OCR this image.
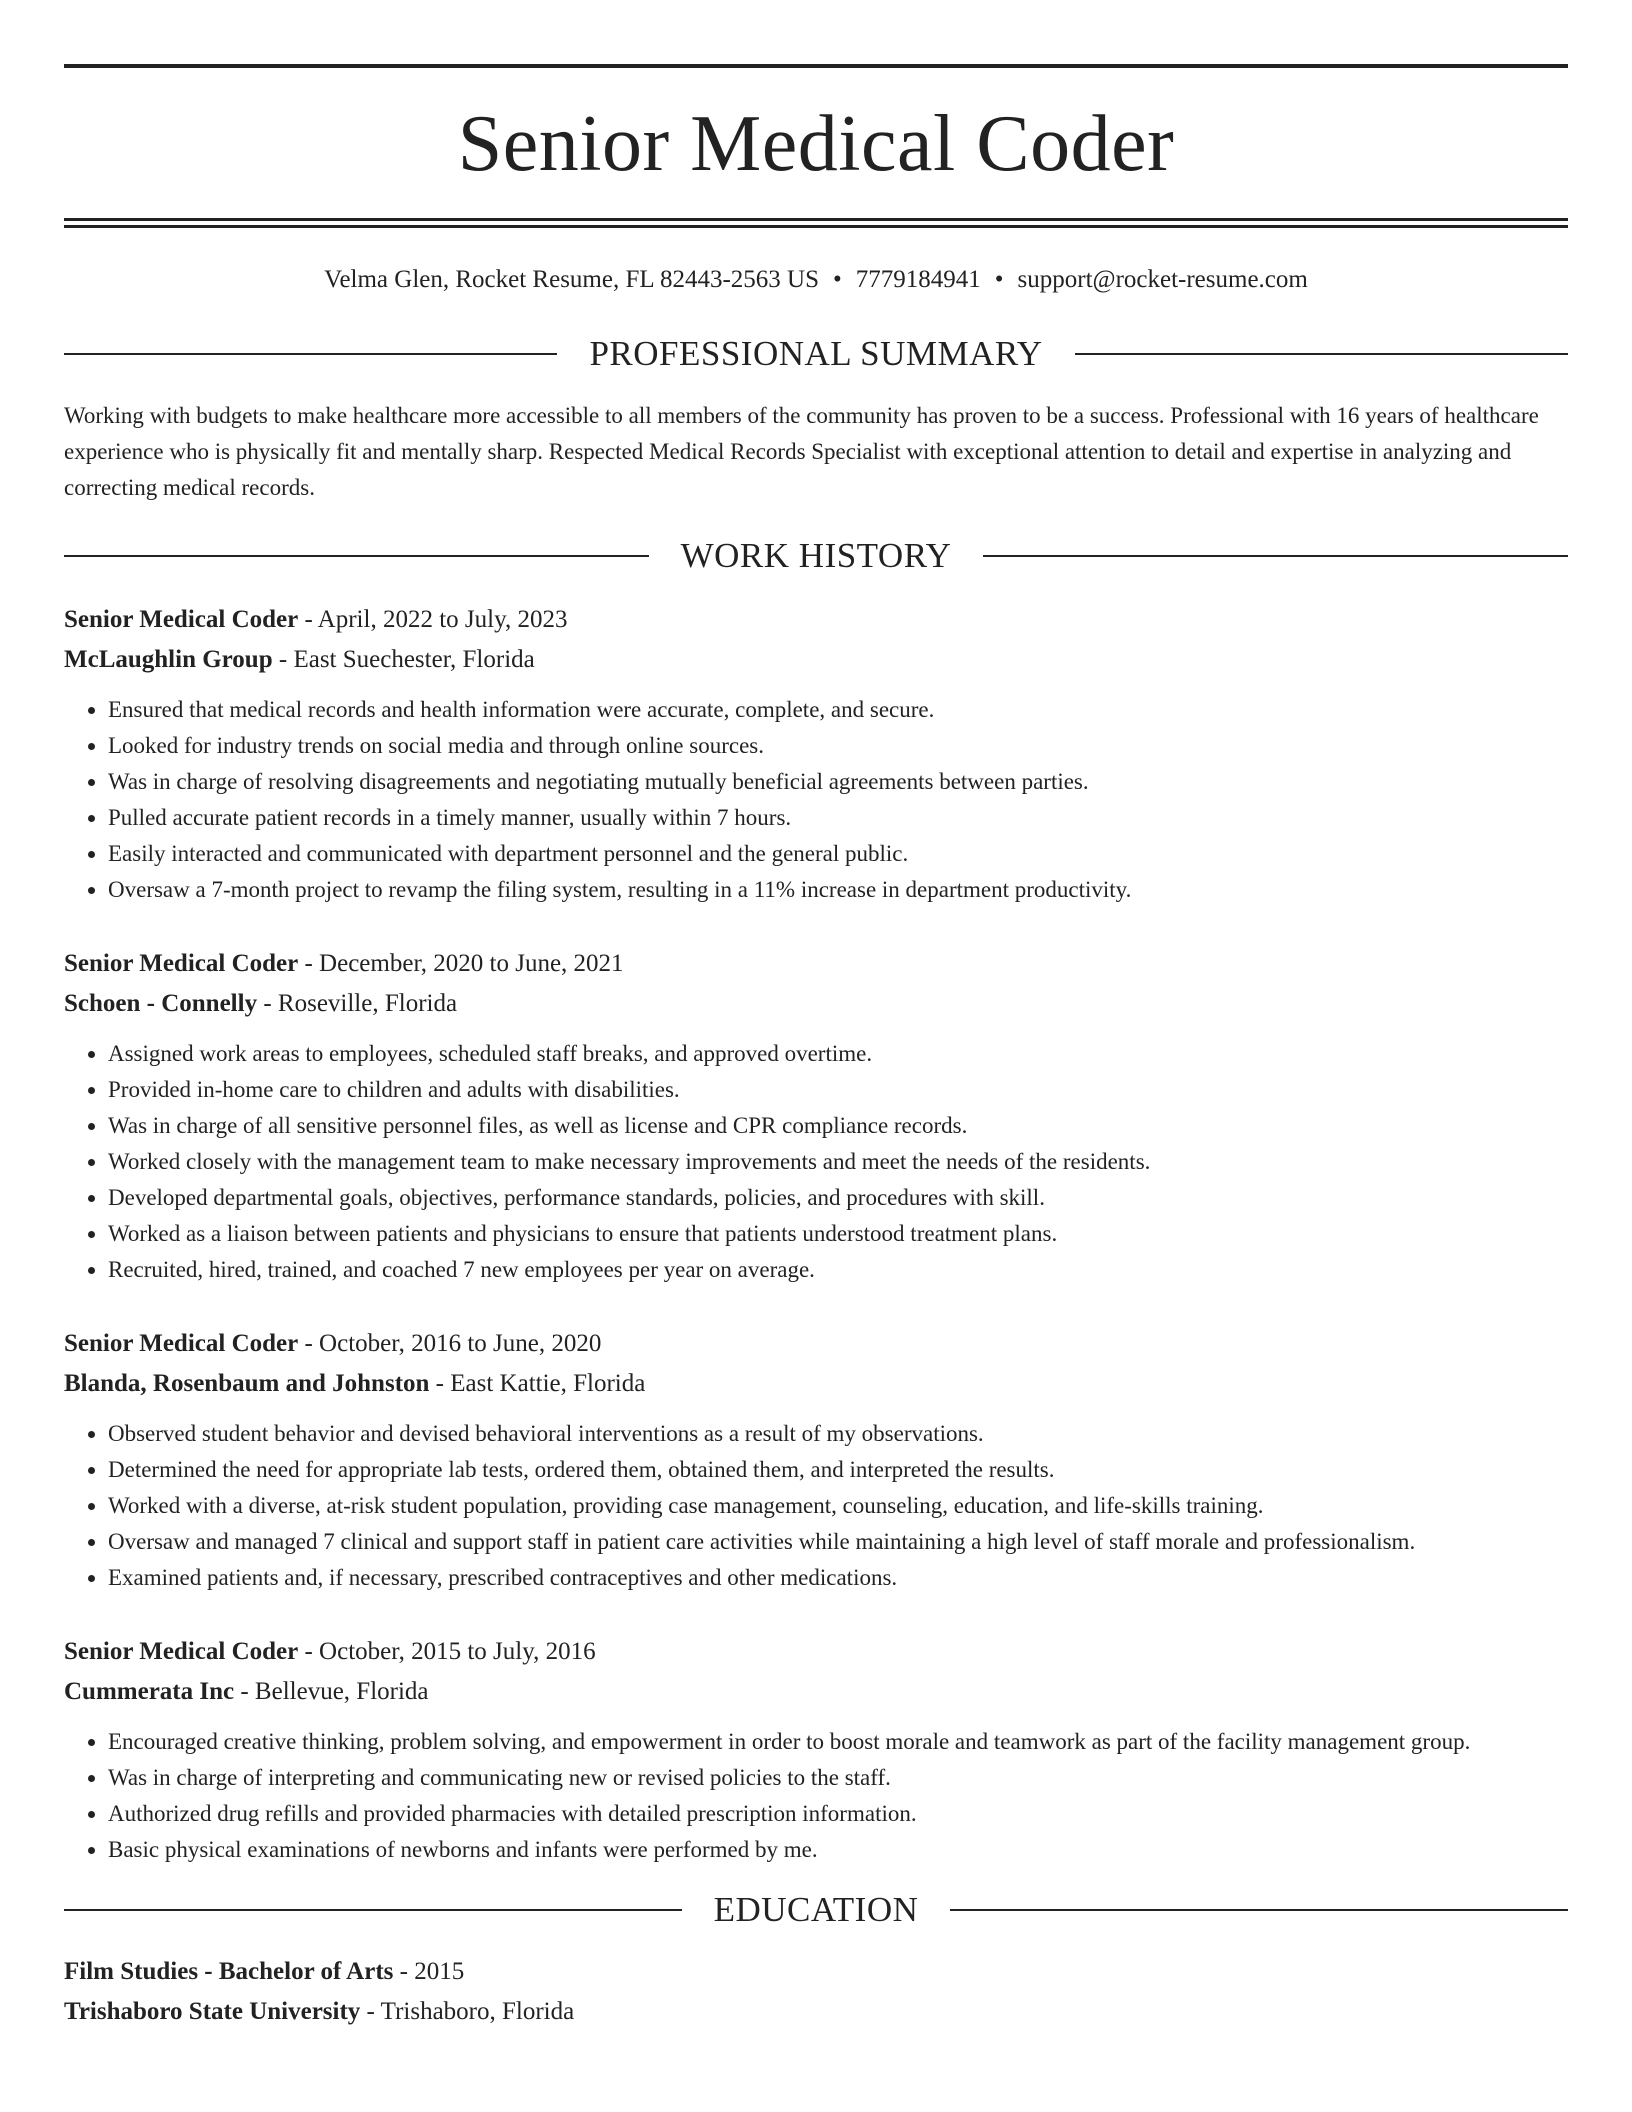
Senior Medical Coder
Velma Glen, Rocket Resume, FL 82443-2563 US • 7779184941 • support@rocket-resume.com
PROFESSIONAL SUMMARY
Working with budgets to make healthcare more accessible to all members of the community has proven to be a success. Professional with 16 years of healthcare experience who is physically fit and mentally sharp. Respected Medical Records Specialist with exceptional attention to detail and expertise in analyzing and correcting medical records.
WORK HISTORY
Senior Medical Coder - April, 2022 to July, 2023
McLaughlin Group - East Suechester, Florida
• Ensured that medical records and health information were accurate, complete, and secure.
• Looked for industry trends on social media and through online sources.
• Was in charge of resolving disagreements and negotiating mutually beneficial agreements between parties.
• Pulled accurate patient records in a timely manner, usually within 7 hours.
• Easily interacted and communicated with department personnel and the general public.
• Oversaw a 7-month project to revamp the filing system, resulting in a 11% increase in department productivity.
Senior Medical Coder - December, 2020 to June, 2021
Schoen - Connelly - Roseville, Florida
• Assigned work areas to employees, scheduled staff breaks, and approved overtime.
• Provided in-home care to children and adults with disabilities.
• Was in charge of all sensitive personnel files, as well as license and CPR compliance records.
• Worked closely with the management team to make necessary improvements and meet the needs of the residents.
• Developed departmental goals, objectives, performance standards, policies, and procedures with skill.
• Worked as a liaison between patients and physicians to ensure that patients understood treatment plans.
• Recruited, hired, trained, and coached 7 new employees per year on average.
Senior Medical Coder - October, 2016 to June, 2020
Blanda, Rosenbaum and Johnston - East Kattie, Florida
• Observed student behavior and devised behavioral interventions as a result of my observations.
• Determined the need for appropriate lab tests, ordered them, obtained them, and interpreted the results.
• Worked with a diverse, at-risk student population, providing case management, counseling, education, and life-skills training.
• Oversaw and managed 7 clinical and support staff in patient care activities while maintaining a high level of staff morale and professionalism.
• Examined patients and, if necessary, prescribed contraceptives and other medications.
Senior Medical Coder - October, 2015 to July, 2016
Cummerata Inc - Bellevue, Florida
• Encouraged creative thinking, problem solving, and empowerment in order to boost morale and teamwork as part of the facility management group.
• Was in charge of interpreting and communicating new or revised policies to the staff.
• Authorized drug refills and provided pharmacies with detailed prescription information.
• Basic physical examinations of newborns and infants were performed by me.
EDUCATION
Film Studies - Bachelor of Arts - 2015
Trishaboro State University - Trishaboro, Florida
